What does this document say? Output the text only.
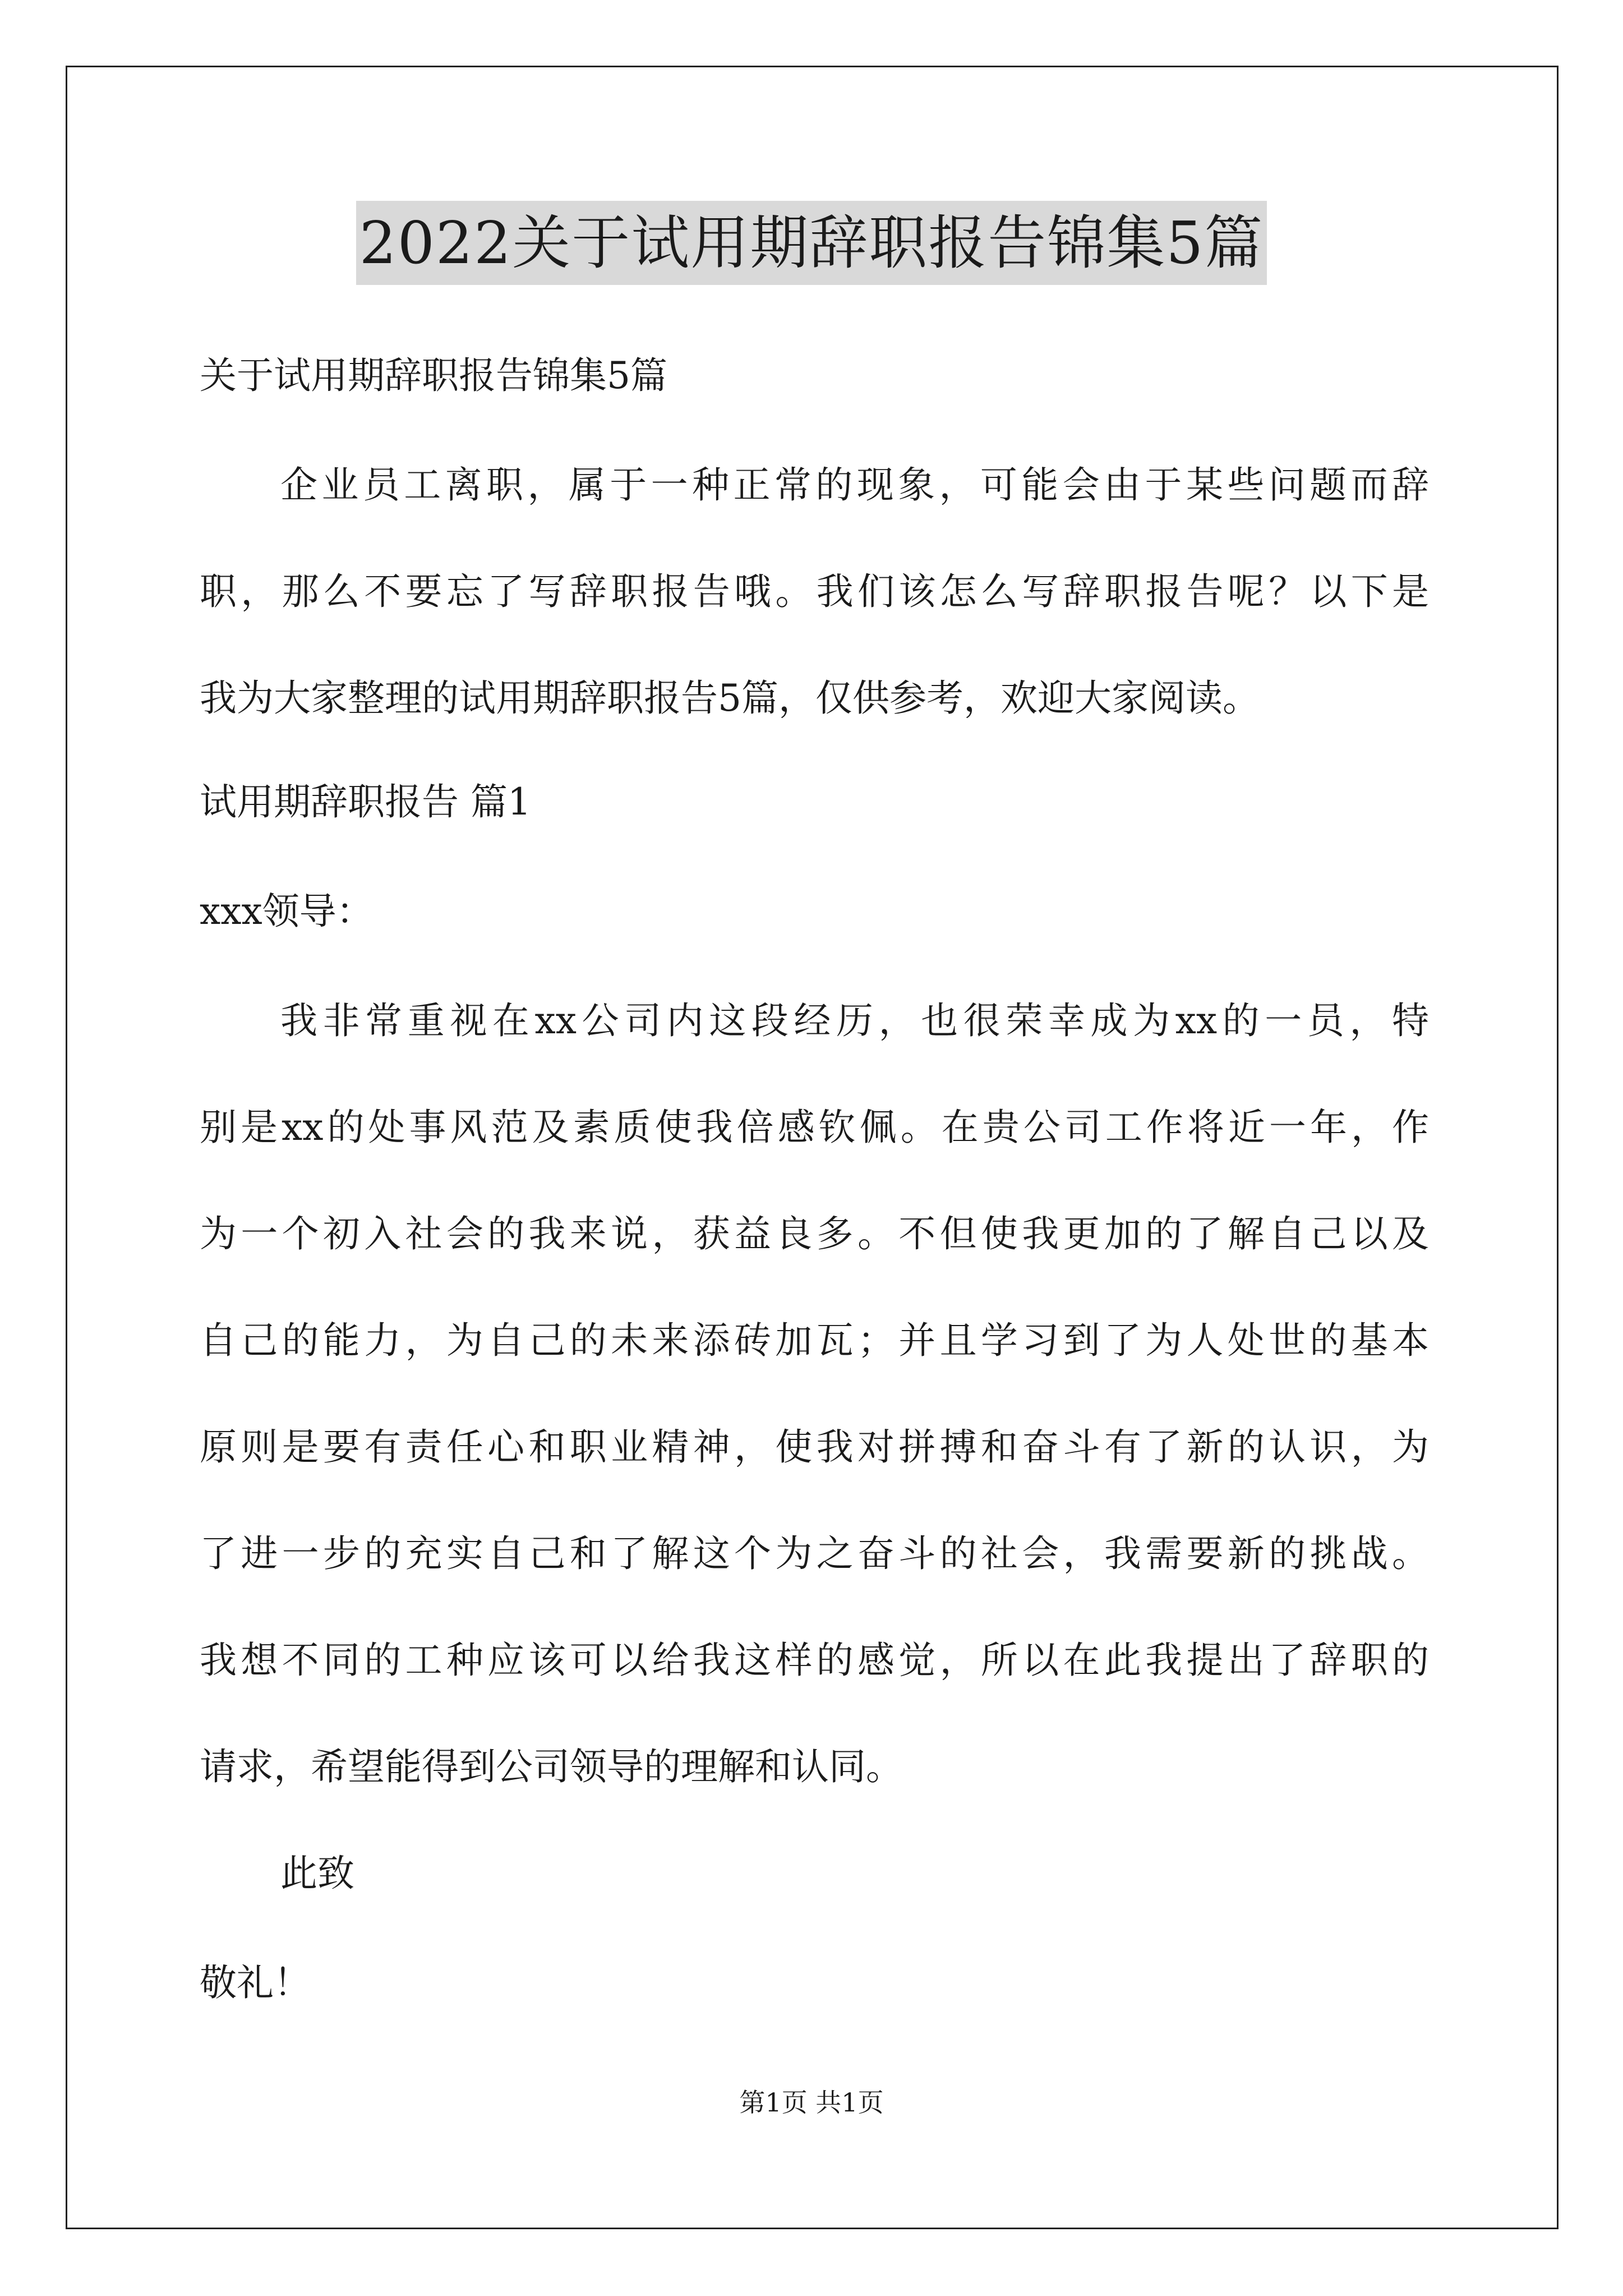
2022关于试用期辞职报告锦集5篇
关于试用期辞职报告锦集5篇
企业员工离职，属于一种正常的现象，可能会由于某些问题而辞
职，那么不要忘了写辞职报告哦。我们该怎么写辞职报告呢？以下是
我为大家整理的试用期辞职报告5篇，仅供参考，欢迎大家阅读。
试用期辞职报告 篇1
xxx领导：
我非常重视在xx公司内这段经历，也很荣幸成为xx的一员，特
别是xx的处事风范及素质使我倍感钦佩。在贵公司工作将近一年，作
为一个初入社会的我来说，获益良多。不但使我更加的了解自己以及
自己的能力，为自己的未来添砖加瓦；并且学习到了为人处世的基本
原则是要有责任心和职业精神，使我对拼搏和奋斗有了新的认识，为
了进一步的充实自己和了解这个为之奋斗的社会，我需要新的挑战。
我想不同的工种应该可以给我这样的感觉，所以在此我提出了辞职的
请求，希望能得到公司领导的理解和认同。
此致
敬礼！
第1页 共1页
